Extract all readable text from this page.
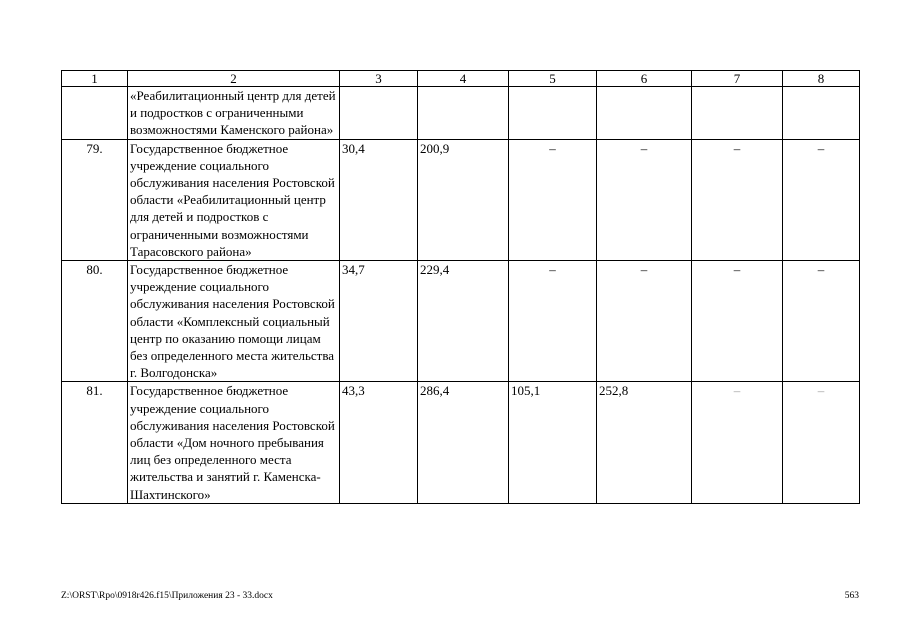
1	2	3	4	5	6	7	8
	«Реабилитационный центр для детей и подростков с ограниченными возможностями Каменского района»						
79.	Государственное бюджетное учреждение социального обслуживания населения Ростовской области «Реабилитационный центр для детей и подростков с ограниченными возможностями Тарасовского района»	30,4	200,9	–	–	–	–
80.	Государственное бюджетное учреждение социального обслуживания населения Ростовской области «Комплексный социальный центр по оказанию помощи лицам без определенного места жительства г. Волгодонска»	34,7	229,4	–	–	–	–
81.	Государственное бюджетное учреждение социального обслуживания населения Ростовской области «Дом ночного пребывания лиц без определенного места жительства и занятий г. Каменска-Шахтинского»	43,3	286,4	105,1	252,8	–	–
Z:\ORST\Rpo\0918r426.f15\Приложения 23 - 33.docx	563
